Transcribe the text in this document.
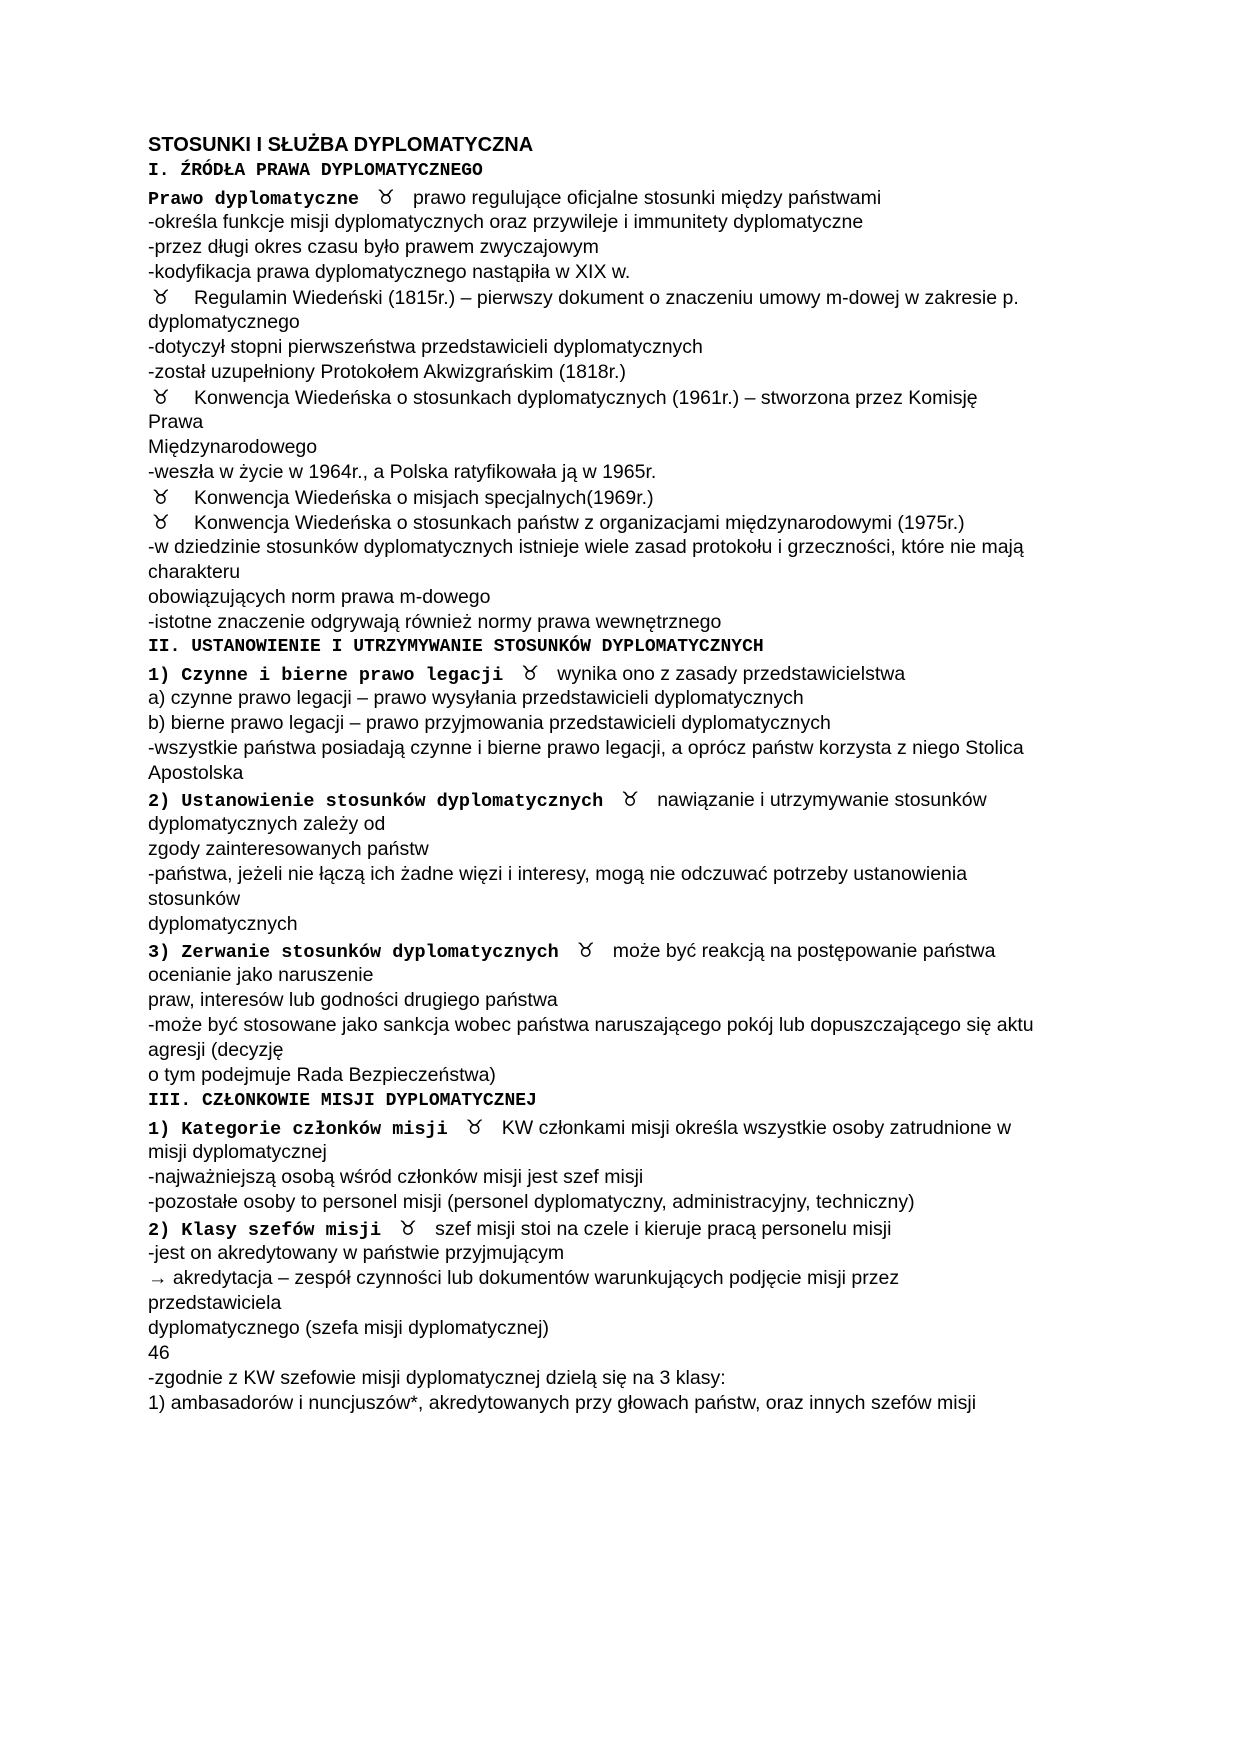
STOSUNKI I SŁUŻBA DYPLOMATYCZNA
I. ŹRÓDŁA PRAWA DYPLOMATYCZNEGO
Prawo dyplomatyczne ♉ prawo regulujące oficjalne stosunki między państwami
-określa funkcje misji dyplomatycznych oraz przywileje i immunitety dyplomatyczne
-przez długi okres czasu było prawem zwyczajowym
-kodyfikacja prawa dyplomatycznego nastąpiła w XIX w.
♉ Regulamin Wiedeński (1815r.) – pierwszy dokument o znaczeniu umowy m-dowej w zakresie p.
dyplomatycznego
-dotyczył stopni pierwszeństwa przedstawicieli dyplomatycznych
-został uzupełniony Protokołem Akwizgrańskim (1818r.)
♉ Konwencja Wiedeńska o stosunkach dyplomatycznych (1961r.) – stworzona przez Komisję
Prawa
Międzynarodowego
-weszła w życie w 1964r., a Polska ratyfikowała ją w 1965r.
♉ Konwencja Wiedeńska o misjach specjalnych(1969r.)
♉ Konwencja Wiedeńska o stosunkach państw z organizacjami międzynarodowymi (1975r.)
-w dziedzinie stosunków dyplomatycznych istnieje wiele zasad protokołu i grzeczności, które nie mają
charakteru
obowiązujących norm prawa m-dowego
-istotne znaczenie odgrywają również normy prawa wewnętrznego
II. USTANOWIENIE I UTRZYMYWANIE STOSUNKÓW DYPLOMATYCZNYCH
1) Czynne i bierne prawo legacji ♉ wynika ono z zasady przedstawicielstwa
a) czynne prawo legacji – prawo wysyłania przedstawicieli dyplomatycznych
b) bierne prawo legacji – prawo przyjmowania przedstawicieli dyplomatycznych
-wszystkie państwa posiadają czynne i bierne prawo legacji, a oprócz państw korzysta z niego Stolica
Apostolska
2) Ustanowienie stosunków dyplomatycznych ♉ nawiązanie i utrzymywanie stosunków
dyplomatycznych zależy od
zgody zainteresowanych państw
-państwa, jeżeli nie łączą ich żadne więzi i interesy, mogą nie odczuwać potrzeby ustanowienia
stosunków
dyplomatycznych
3) Zerwanie stosunków dyplomatycznych ♉ może być reakcją na postępowanie państwa
ocenianie jako naruszenie
praw, interesów lub godności drugiego państwa
-może być stosowane jako sankcja wobec państwa naruszającego pokój lub dopuszczającego się aktu
agresji (decyzję
o tym podejmuje Rada Bezpieczeństwa)
III. CZŁONKOWIE MISJI DYPLOMATYCZNEJ
1) Kategorie członków misji ♉ KW członkami misji określa wszystkie osoby zatrudnione w
misji dyplomatycznej
-najważniejszą osobą wśród członków misji jest szef misji
-pozostałe osoby to personel misji (personel dyplomatyczny, administracyjny, techniczny)
2) Klasy szefów misji ♉ szef misji stoi na czele i kieruje pracą personelu misji
-jest on akredytowany w państwie przyjmującym
→ akredytacja – zespół czynności lub dokumentów warunkujących podjęcie misji przez
przedstawiciela
dyplomatycznego (szefa misji dyplomatycznej)
46
-zgodnie z KW szefowie misji dyplomatycznej dzielą się na 3 klasy:
1) ambasadorów i nuncjuszów*, akredytowanych przy głowach państw, oraz innych szefów misji
